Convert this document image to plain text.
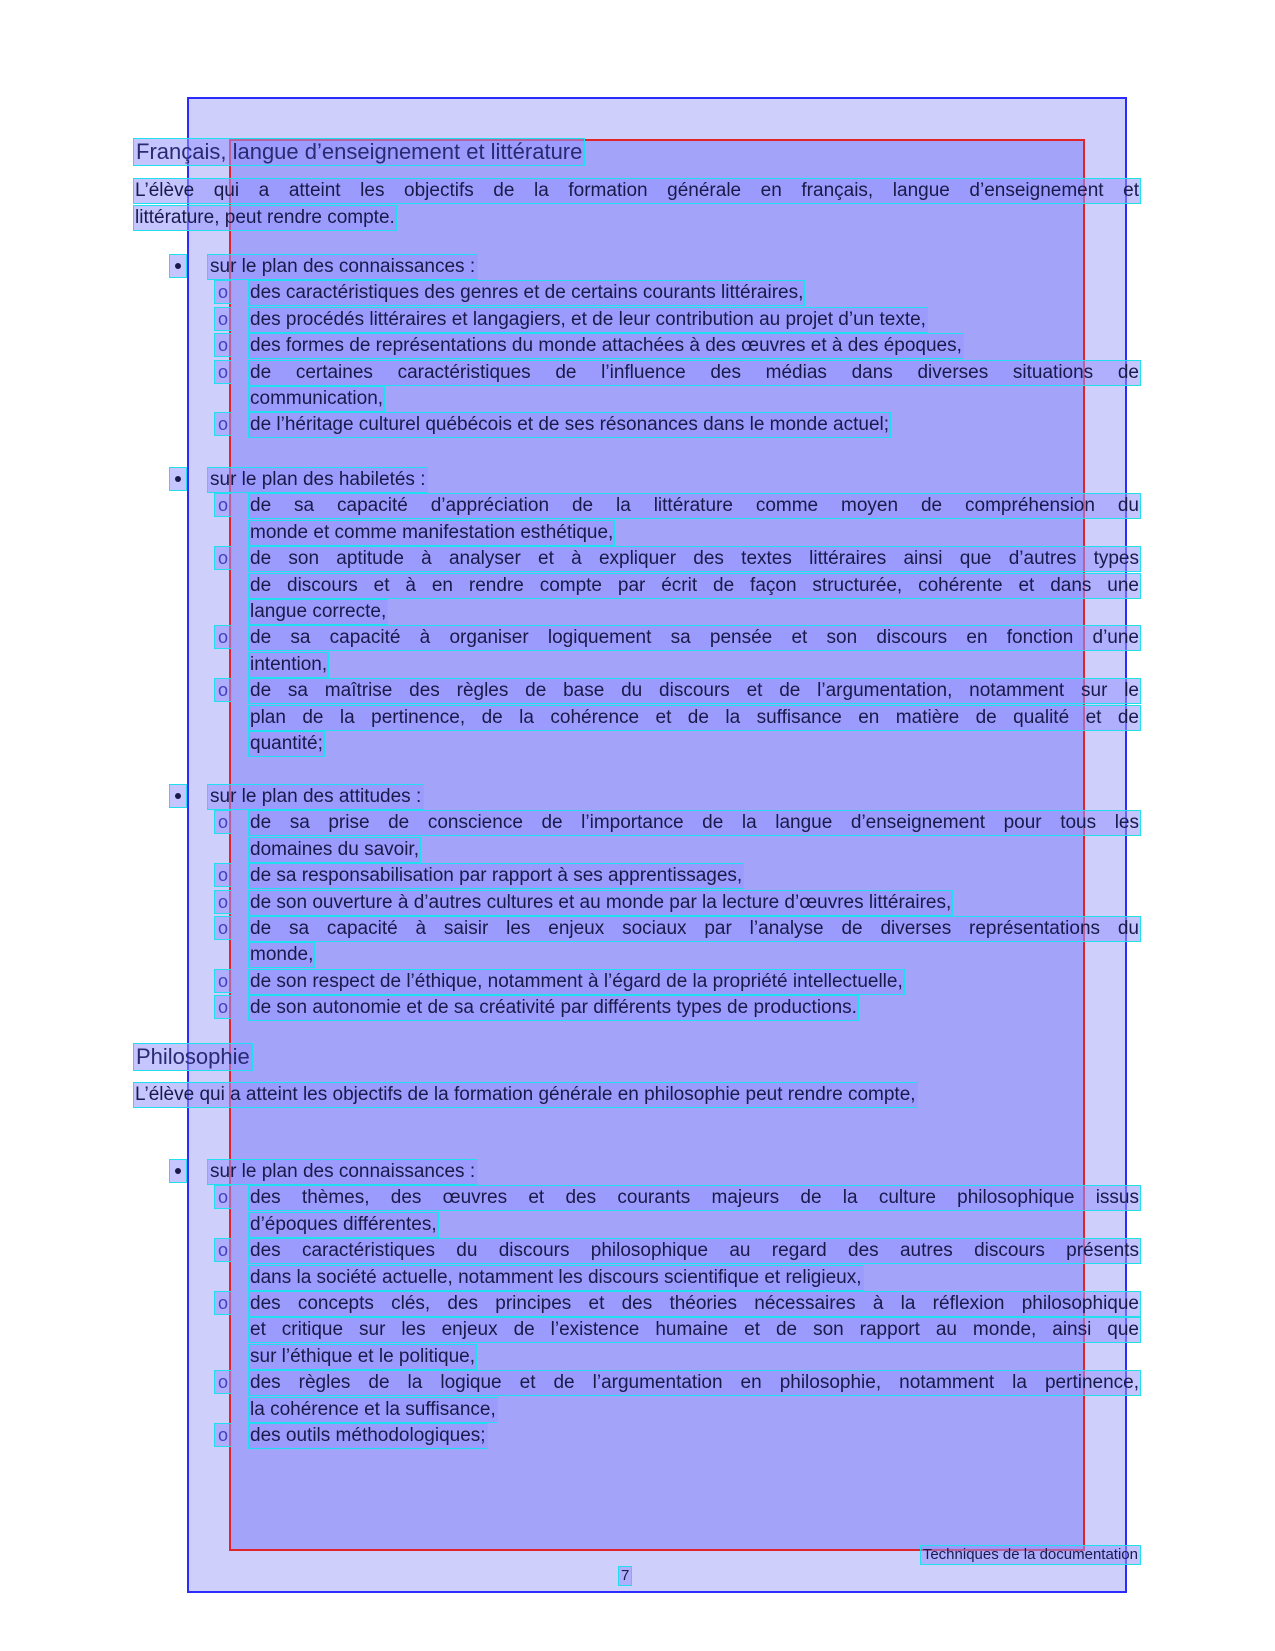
Français, langue d’enseignement et littérature
L’élève qui a atteint les objectifs de la formation générale en français, langue d’enseignement et
littérature, peut rendre compte.
Philosophie
L’élève qui a atteint les objectifs de la formation générale en philosophie peut rendre compte,
Techniques de la documentation
7
sur le plan des connaissances :
o des caractéristiques des genres et de certains courants littéraires,

o des procédés littéraires et langagiers, et de leur contribution au projet d’un texte,

o des formes de représentations du monde attachées à des œuvres et à des époques,

o de certaines caractéristiques de l’influence des médias dans diverses situations de
communication,

o de l’héritage culturel québécois et de ses résonances dans le monde actuel;

sur le plan des habiletés :
o de sa capacité d’appréciation de la littérature comme moyen de compréhension du
monde et comme manifestation esthétique,

o de son aptitude à analyser et à expliquer des textes littéraires ainsi que d’autres types
de discours et à en rendre compte par écrit de façon structurée, cohérente et dans une
langue correcte,

o de sa capacité à organiser logiquement sa pensée et son discours en fonction d’une
intention,

o de sa maîtrise des règles de base du discours et de l’argumentation, notamment sur le
plan de la pertinence, de la cohérence et de la suffisance en matière de qualité et de
quantité;

sur le plan des attitudes :
o de sa prise de conscience de l’importance de la langue d’enseignement pour tous les
domaines du savoir,

o de sa responsabilisation par rapport à ses apprentissages,

o de son ouverture à d’autres cultures et au monde par la lecture d’œuvres littéraires,

o de sa capacité à saisir les enjeux sociaux par l’analyse de diverses représentations du
monde,

o de son respect de l’éthique, notamment à l’égard de la propriété intellectuelle,

o de son autonomie et de sa créativité par différents types de productions.

sur le plan des connaissances :
o des thèmes, des œuvres et des courants majeurs de la culture philosophique issus
d’époques différentes,

o des caractéristiques du discours philosophique au regard des autres discours présents
dans la société actuelle, notamment les discours scientifique et religieux,

o des concepts clés, des principes et des théories nécessaires à la réflexion philosophique
et critique sur les enjeux de l’existence humaine et de son rapport au monde, ainsi que
sur l’éthique et le politique,

o des règles de la logique et de l’argumentation en philosophie, notamment la pertinence,
la cohérence et la suffisance,

o des outils méthodologiques;
